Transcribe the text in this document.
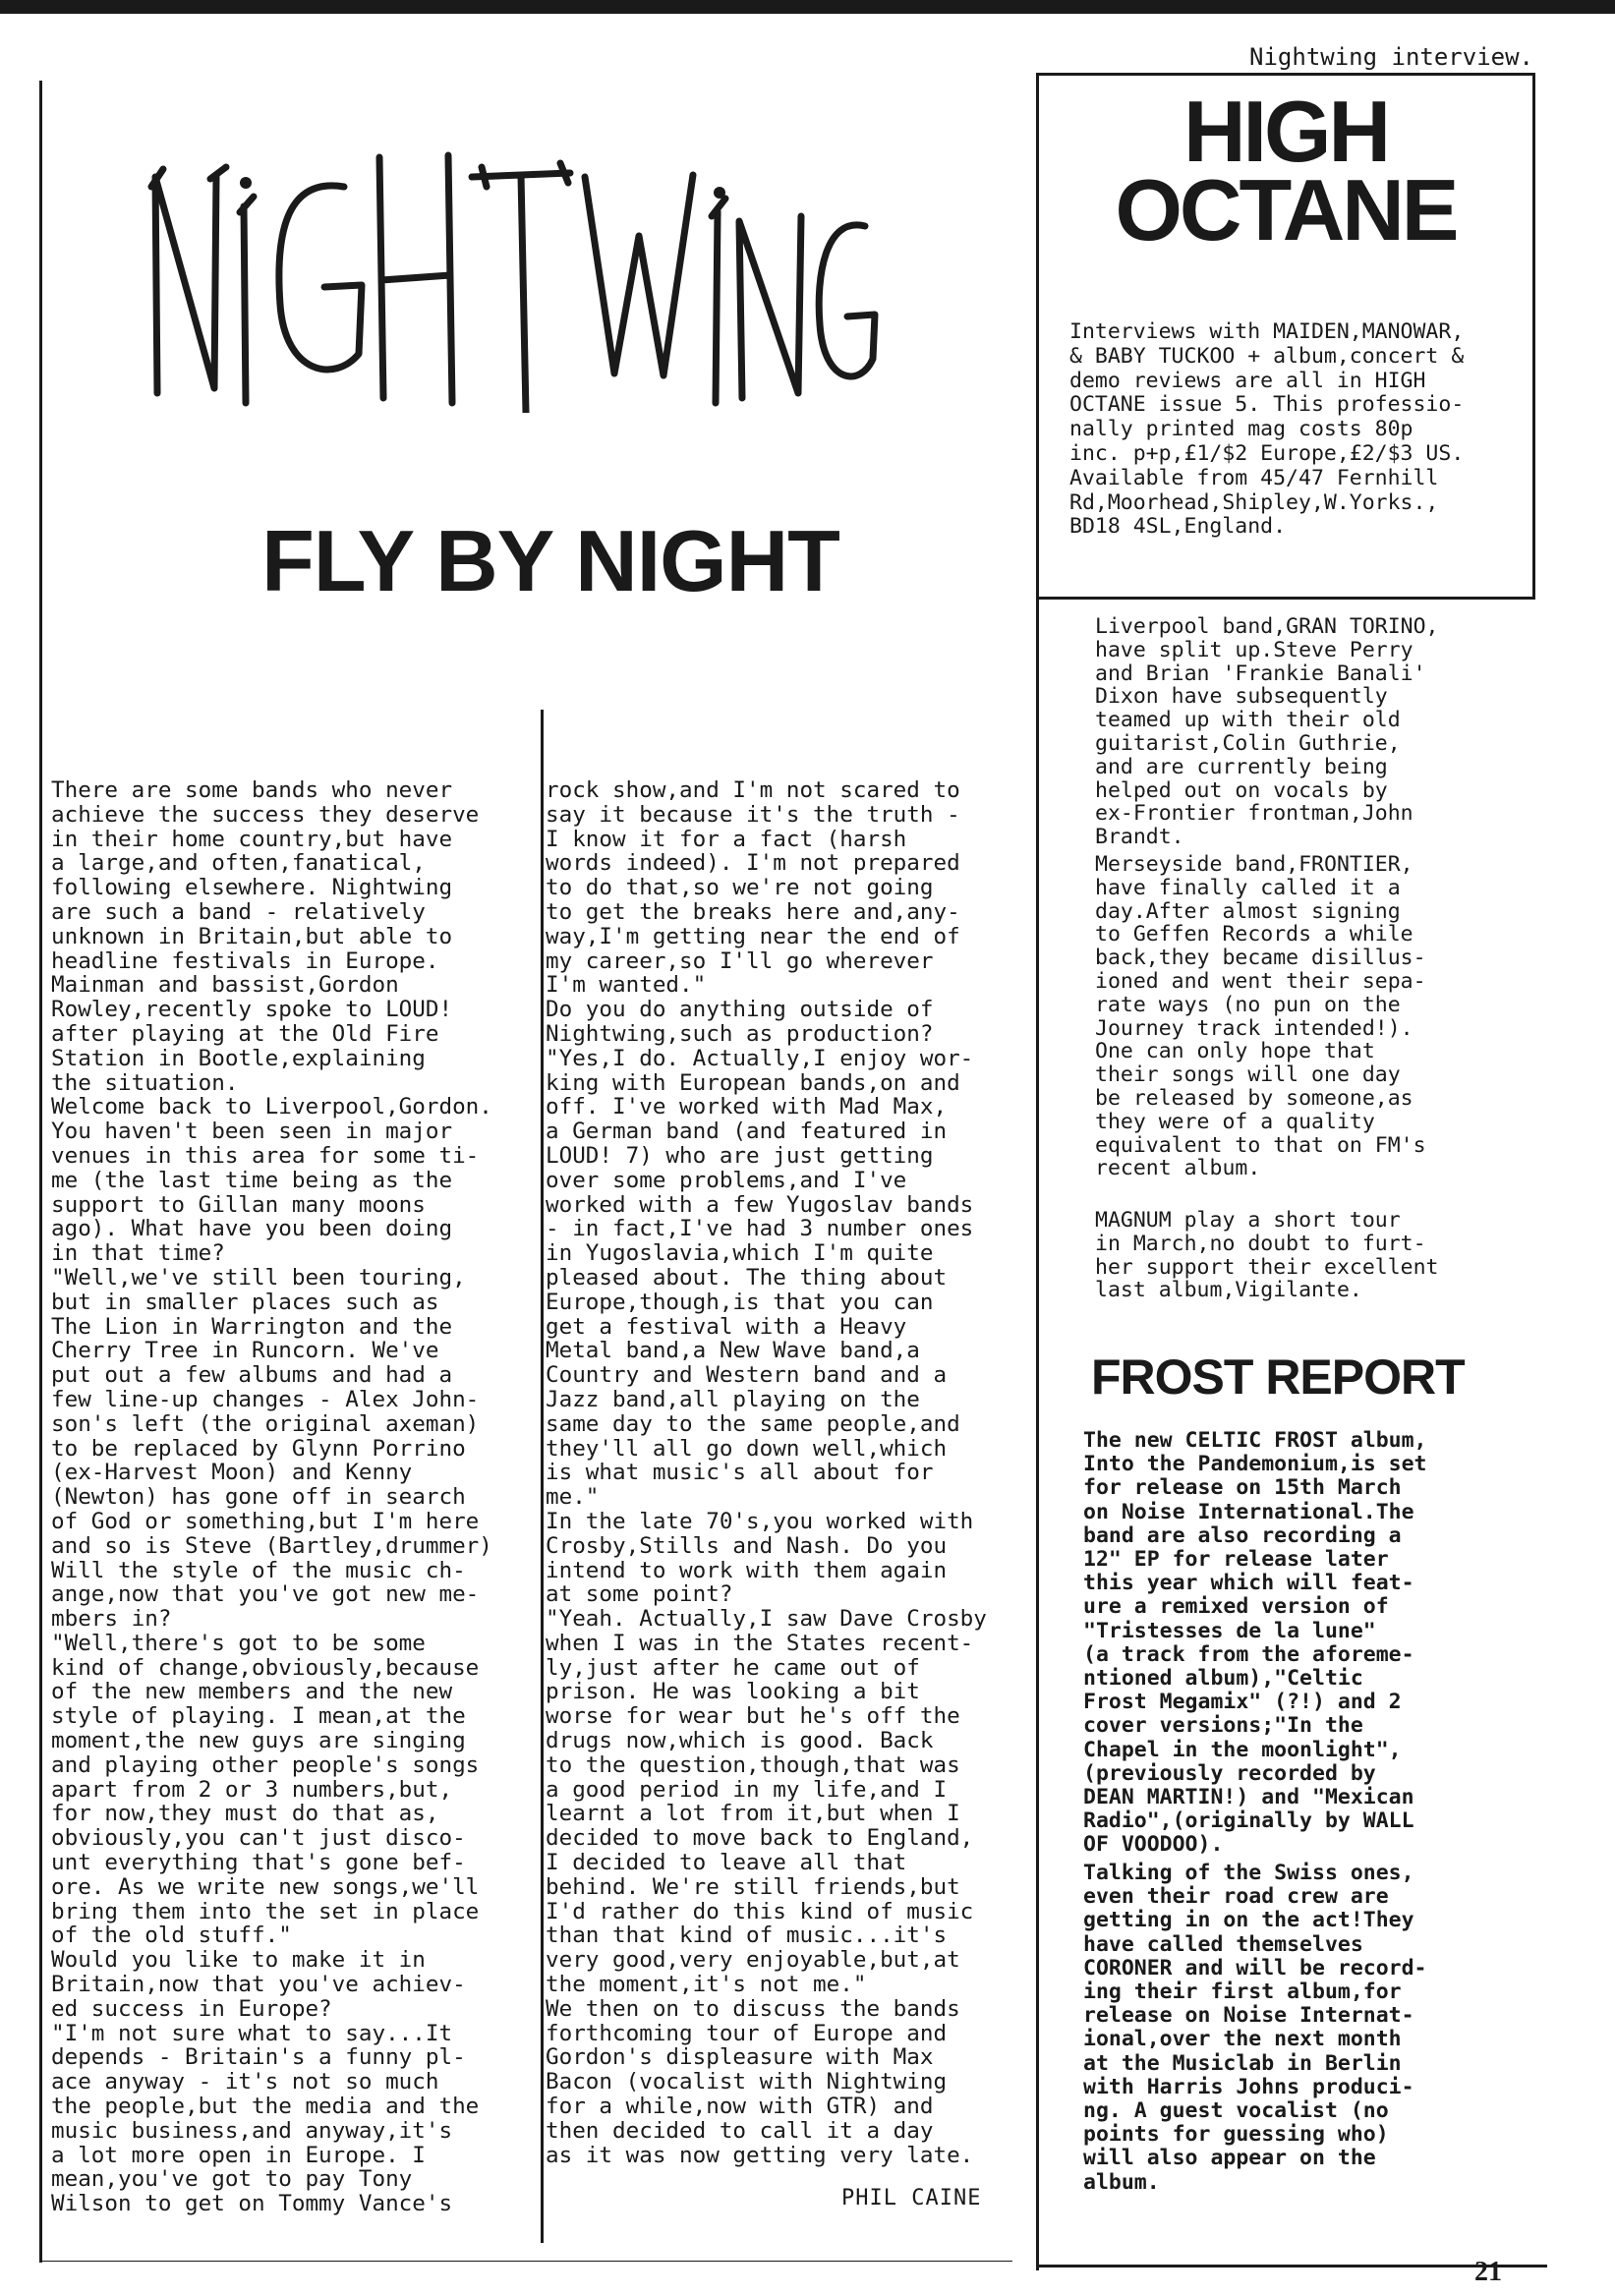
Nightwing interview.
FLY BY NIGHT
There are some bands who never
achieve the success they deserve
in their home country,but have
a large,and often,fanatical,
following elsewhere. Nightwing
are such a band - relatively
unknown in Britain,but able to
headline festivals in Europe.
Mainman and bassist,Gordon
Rowley,recently spoke to LOUD!
after playing at the Old Fire
Station in Bootle,explaining
the situation.
Welcome back to Liverpool,Gordon.
You haven't been seen in major
venues in this area for some ti-
me (the last time being as the
support to Gillan many moons
ago). What have you been doing
in that time?
"Well,we've still been touring,
but in smaller places such as
The Lion in Warrington and the
Cherry Tree in Runcorn. We've
put out a few albums and had a
few line-up changes - Alex John-
son's left (the original axeman)
to be replaced by Glynn Porrino
(ex-Harvest Moon) and Kenny
(Newton) has gone off in search
of God or something,but I'm here
and so is Steve (Bartley,drummer)
Will the style of the music ch-
ange,now that you've got new me-
mbers in?
"Well,there's got to be some
kind of change,obviously,because
of the new members and the new
style of playing. I mean,at the
moment,the new guys are singing
and playing other people's songs
apart from 2 or 3 numbers,but,
for now,they must do that as,
obviously,you can't just disco-
unt everything that's gone bef-
ore. As we write new songs,we'll
bring them into the set in place
of the old stuff."
Would you like to make it in
Britain,now that you've achiev-
ed success in Europe?
"I'm not sure what to say...It
depends - Britain's a funny pl-
ace anyway - it's not so much
the people,but the media and the
music business,and anyway,it's
a lot more open in Europe. I
mean,you've got to pay Tony
Wilson to get on Tommy Vance's
rock show,and I'm not scared to
say it because it's the truth -
I know it for a fact (harsh
words indeed). I'm not prepared
to do that,so we're not going
to get the breaks here and,any-
way,I'm getting near the end of
my career,so I'll go wherever
I'm wanted."
Do you do anything outside of
Nightwing,such as production?
"Yes,I do. Actually,I enjoy wor-
king with European bands,on and
off. I've worked with Mad Max,
a German band (and featured in
LOUD! 7) who are just getting
over some problems,and I've
worked with a few Yugoslav bands
- in fact,I've had 3 number ones
in Yugoslavia,which I'm quite
pleased about. The thing about
Europe,though,is that you can
get a festival with a Heavy
Metal band,a New Wave band,a
Country and Western band and a
Jazz band,all playing on the
same day to the same people,and
they'll all go down well,which
is what music's all about for
me."
In the late 70's,you worked with
Crosby,Stills and Nash. Do you
intend to work with them again
at some point?
"Yeah. Actually,I saw Dave Crosby
when I was in the States recent-
ly,just after he came out of
prison. He was looking a bit
worse for wear but he's off the
drugs now,which is good. Back
to the question,though,that was
a good period in my life,and I
learnt a lot from it,but when I
decided to move back to England,
I decided to leave all that
behind. We're still friends,but
I'd rather do this kind of music
than that kind of music...it's
very good,very enjoyable,but,at
the moment,it's not me."
We then on to discuss the bands
forthcoming tour of Europe and
Gordon's displeasure with Max
Bacon (vocalist with Nightwing
for a while,now with GTR) and
then decided to call it a day
as it was now getting very late.
PHIL CAINE
HIGH
OCTANE
Interviews with MAIDEN,MANOWAR,
& BABY TUCKOO + album,concert &
demo reviews are all in HIGH
OCTANE issue 5. This professio-
nally printed mag costs 80p
inc. p+p,£1/$2 Europe,£2/$3 US.
Available from 45/47 Fernhill
Rd,Moorhead,Shipley,W.Yorks.,
BD18 4SL,England.
Liverpool band,GRAN TORINO,
have split up.Steve Perry
and Brian 'Frankie Banali'
Dixon have subsequently
teamed up with their old
guitarist,Colin Guthrie,
and are currently being
helped out on vocals by
ex-Frontier frontman,John
Brandt.
Merseyside band,FRONTIER,
have finally called it a
day.After almost signing
to Geffen Records a while
back,they became disillus-
ioned and went their sepa-
rate ways (no pun on the
Journey track intended!).
One can only hope that
their songs will one day
be released by someone,as
they were of a quality
equivalent to that on FM's
recent album.
MAGNUM play a short tour
in March,no doubt to furt-
her support their excellent
last album,Vigilante.
FROST REPORT
The new CELTIC FROST album,
Into the Pandemonium,is set
for release on 15th March
on Noise International.The
band are also recording a
12" EP for release later
this year which will feat-
ure a remixed version of
"Tristesses de la lune"
(a track from the aforeme-
ntioned album),"Celtic
Frost Megamix" (?!) and 2
cover versions;"In the
Chapel in the moonlight",
(previously recorded by
DEAN MARTIN!) and "Mexican
Radio",(originally by WALL
OF VOODOO).
Talking of the Swiss ones,
even their road crew are
getting in on the act!They
have called themselves
CORONER and will be record-
ing their first album,for
release on Noise Internat-
ional,over the next month
at the Musiclab in Berlin
with Harris Johns produci-
ng. A guest vocalist (no
points for guessing who)
will also appear on the
album.
21
